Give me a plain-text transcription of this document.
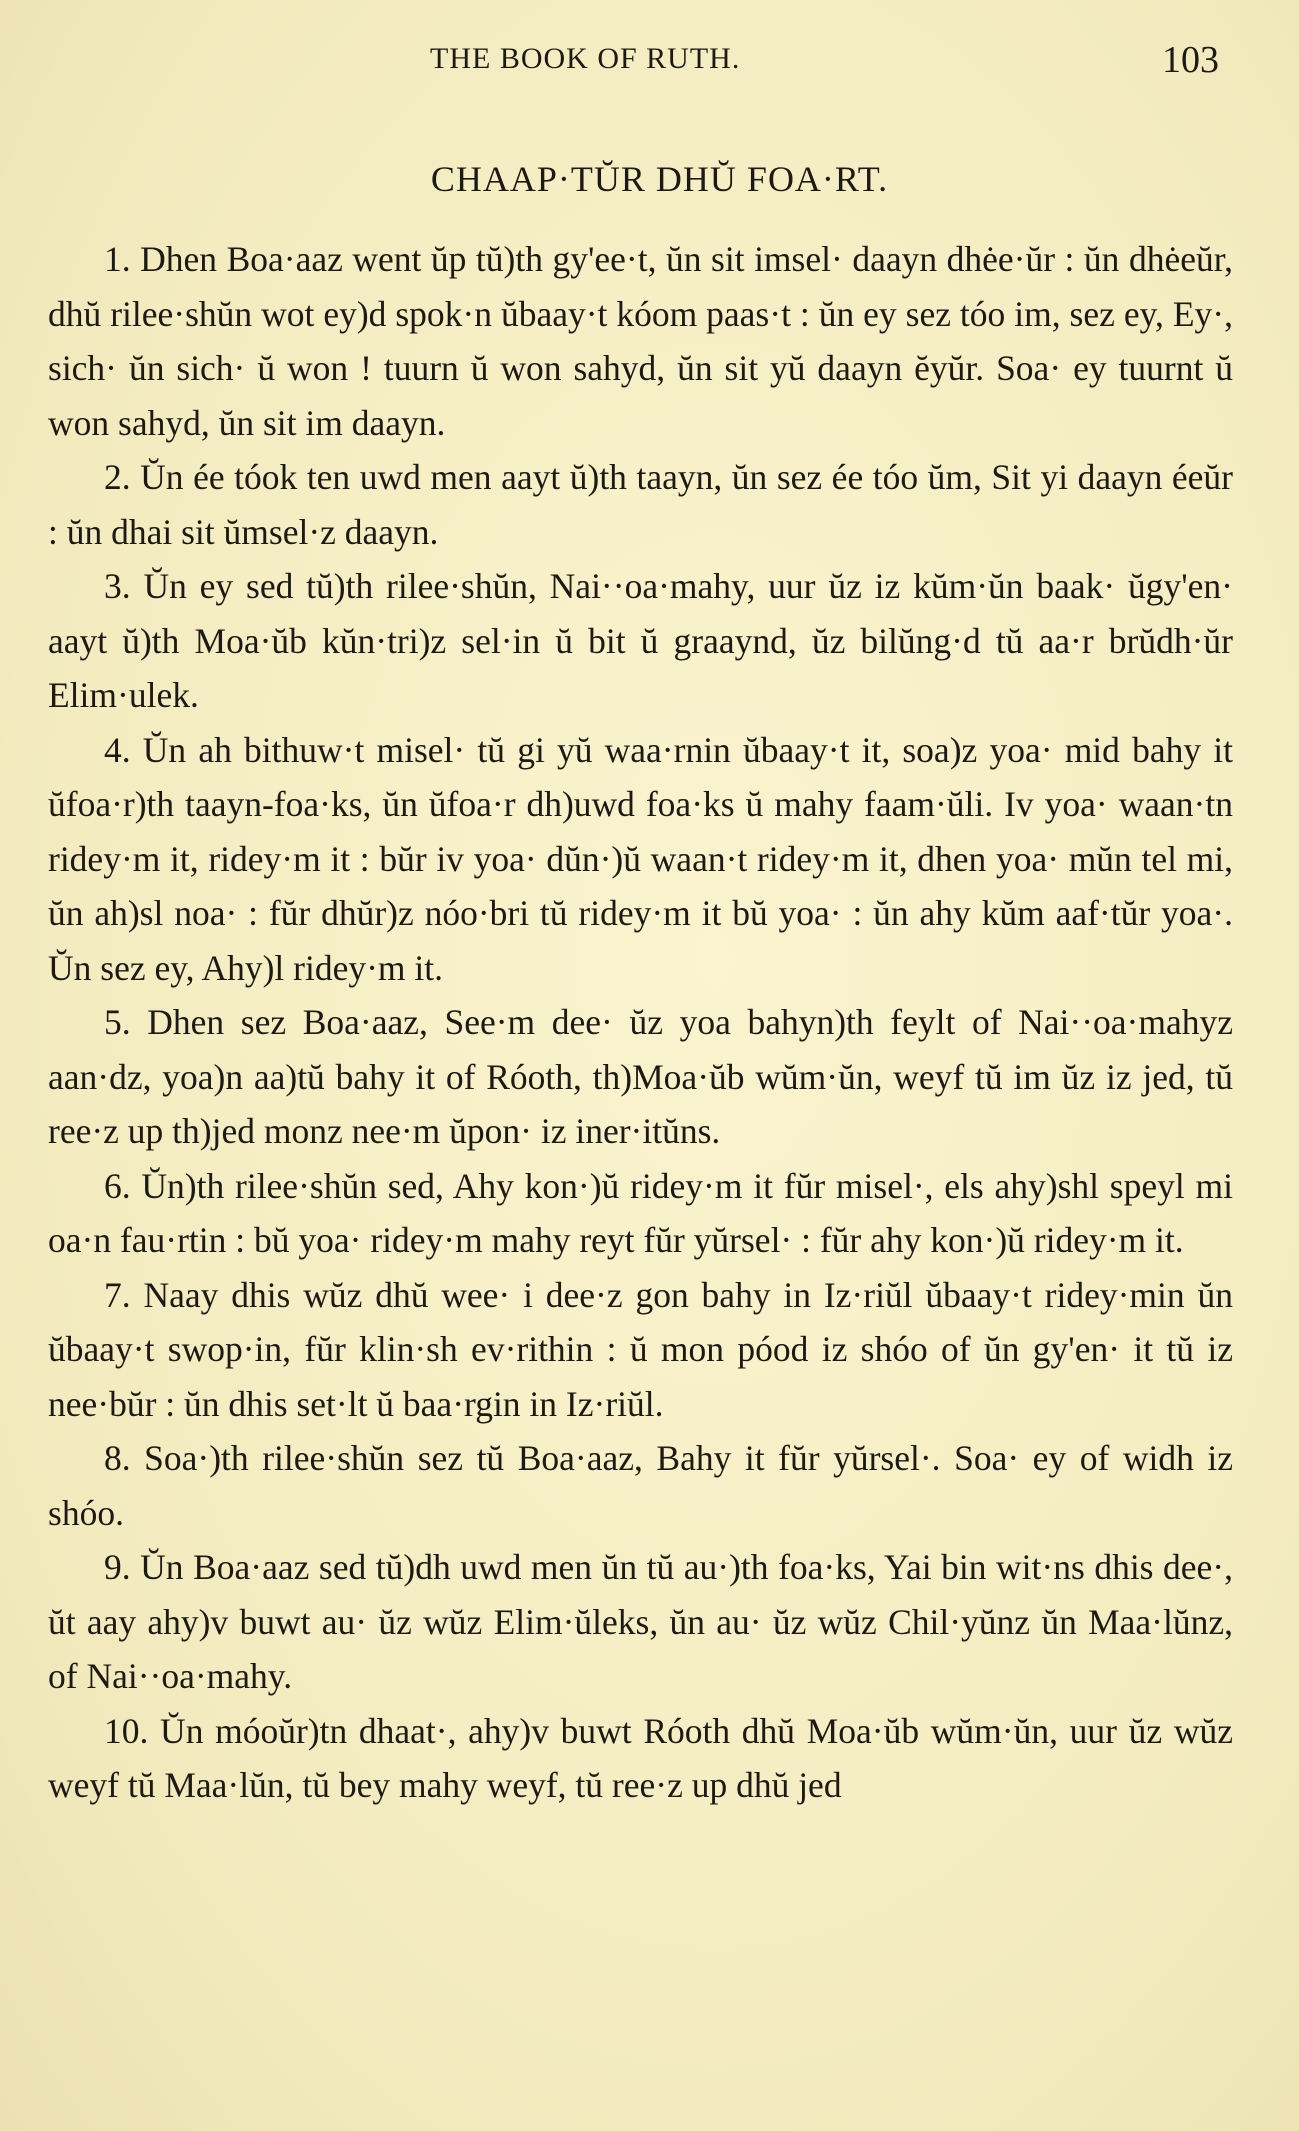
THE BOOK OF RUTH.	103
CHAAP·TŬR DHŬ FOA·RT.

1. Dhen Boa·aaz went ŭp tŭ)th gy'ee·t, ŭn sit imsel· daayn dhėe·ŭr : ŭn dhėeŭr, dhŭ rilee·shŭn wot ey)d spok·n ŭbaay·t kóom paas·t : ŭn ey sez tóo im, sez ey, Ey·, sich· ŭn sich· ŭ won ! tuurn ŭ won sahyd, ŭn sit yŭ daayn ĕyŭr. Soa· ey tuurnt ŭ won sahyd, ŭn sit im daayn.

2. Ŭn ée tóok ten uwd men aayt ŭ)th taayn, ŭn sez ée tóo ŭm, Sit yi daayn éeŭr : ŭn dhai sit ŭmsel·z daayn.

3. Ŭn ey sed tŭ)th rilee·shŭn, Nai··oa·mahy, uur ŭz iz kŭm·ŭn baak· ŭgy'en· aayt ŭ)th Moa·ŭb kŭn·tri)z sel·in ŭ bit ŭ graaynd, ŭz bilŭng·d tŭ aa·r brŭdh·ŭr Elim·ulek.

4. Ŭn ah bithuw·t misel· tŭ gi yŭ waa·rnin ŭbaay·t it, soa)z yoa· mid bahy it ŭfoa·r)th taayn-foa·ks, ŭn ŭfoa·r dh)uwd foa·ks ŭ mahy faam·ŭli. Iv yoa· waan·tn ridey·m it, ridey·m it : bŭr iv yoa· dŭn·)ŭ waan·t ridey·m it, dhen yoa· mŭn tel mi, ŭn ah)sl noa· : fŭr dhŭr)z nóo·bri tŭ ridey·m it bŭ yoa· : ŭn ahy kŭm aaf·tŭr yoa·. Ŭn sez ey, Ahy)l ridey·m it.

5. Dhen sez Boa·aaz, See·m dee· ŭz yoa bahyn)th feylt of Nai··oa·mahyz aan·dz, yoa)n aa)tŭ bahy it of Róoth, th)Moa·ŭb wŭm·ŭn, weyf tŭ im ŭz iz jed, tŭ ree·z up th)jed monz nee·m ŭpon· iz iner·itŭns.

6. Ŭn)th rilee·shŭn sed, Ahy kon·)ŭ ridey·m it fŭr misel·, els ahy)shl speyl mi oa·n fau·rtin : bŭ yoa· ridey·m mahy reyt fŭr yŭrsel· : fŭr ahy kon·)ŭ ridey·m it.

7. Naay dhis wŭz dhŭ wee· i dee·z gon bahy in Iz·riŭl ŭbaay·t ridey·min ŭn ŭbaay·t swop·in, fŭr klin·sh ev·rithin : ŭ mon póod iz shóo of ŭn gy'en· it tŭ iz nee·bŭr : ŭn dhis set·lt ŭ baa·rgin in Iz·riŭl.

8. Soa·)th rilee·shŭn sez tŭ Boa·aaz, Bahy it fŭr yŭrsel·. Soa· ey of widh iz shóo.

9. Ŭn Boa·aaz sed tŭ)dh uwd men ŭn tŭ au·)th foa·ks, Yai bin wit·ns dhis dee·, ŭt aay ahy)v buwt au· ŭz wŭz Elim·ŭleks, ŭn au· ŭz wŭz Chil·yŭnz ŭn Maa·lŭnz, of Nai··oa·mahy.

10. Ŭn móoŭr)tn dhaat·, ahy)v buwt Róoth dhŭ Moa·ŭb wŭm·ŭn, uur ŭz wŭz weyf tŭ Maa·lŭn, tŭ bey mahy weyf, tŭ ree·z up dhŭ jed
